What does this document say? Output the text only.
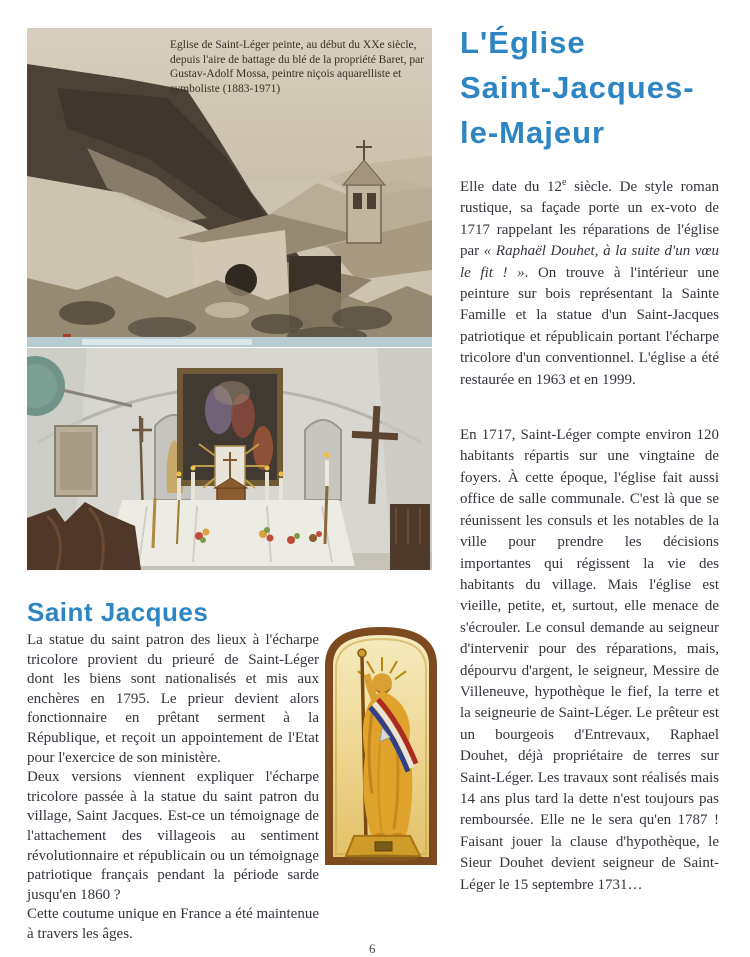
Eglise de Saint-Léger peinte, au début du XXe siècle, depuis l'aire de battage du blé de la propriété Baret, par Gustav-Adolf Mossa, peintre niçois aquarelliste et symboliste (1883-1971)
Saint Jacques

La statue du saint patron des lieux à l'écharpe tricolore provient du prieuré de Saint-Léger dont les biens sont nationalisés et mis aux enchères en 1795. Le prieur devient alors fonctionnaire en prêtant serment à la République, et reçoit un appointement de l'Etat pour l'exercice de son ministère.

Deux versions viennent expliquer l'écharpe tricolore passée à la statue du saint patron du village, Saint Jacques. Est-ce un témoignage de l'attachement des villageois au sentiment révolutionnaire et républicain ou un témoignage patriotique français pendant la période sarde jusqu'en 1860 ?

Cette coutume unique en France a été maintenue à travers les âges.

L'Église
Saint-Jacques-
le-Majeur

Elle date du 12e siècle. De style roman rustique, sa façade porte un ex-voto de 1717 rappelant les réparations de l'église par « Raphaël Douhet, à la suite d'un vœu le fit ! ». On trouve à l'intérieur une peinture sur bois représentant la Sainte Famille et la statue d'un Saint-Jacques patriotique et républicain portant l'écharpe tricolore d'un conventionnel. L'église a été restaurée en 1963 et en 1999.

En 1717, Saint-Léger compte environ 120 habitants répartis sur une vingtaine de foyers. À cette époque, l'église fait aussi office de salle communale. C'est là que se réunissent les consuls et les notables de la ville pour prendre les décisions importantes qui régissent la vie des habitants du village. Mais l'église est vieille, petite, et, surtout, elle menace de s'écrouler. Le consul demande au seigneur d'intervenir pour des réparations, mais, dépourvu d'argent, le seigneur, Messire de Villeneuve, hypothèque le fief, la terre et la seigneurie de Saint-Léger. Le prêteur est un bourgeois d'Entrevaux, Raphael Douhet, déjà propriétaire de terres sur Saint-Léger. Les travaux sont réalisés mais 14 ans plus tard la dette n'est toujours pas remboursée. Elle ne le sera qu'en 1787 ! Faisant jouer la clause d'hypothèque, le Sieur Douhet devient seigneur de Saint-Léger le 15 septembre 1731…

6
